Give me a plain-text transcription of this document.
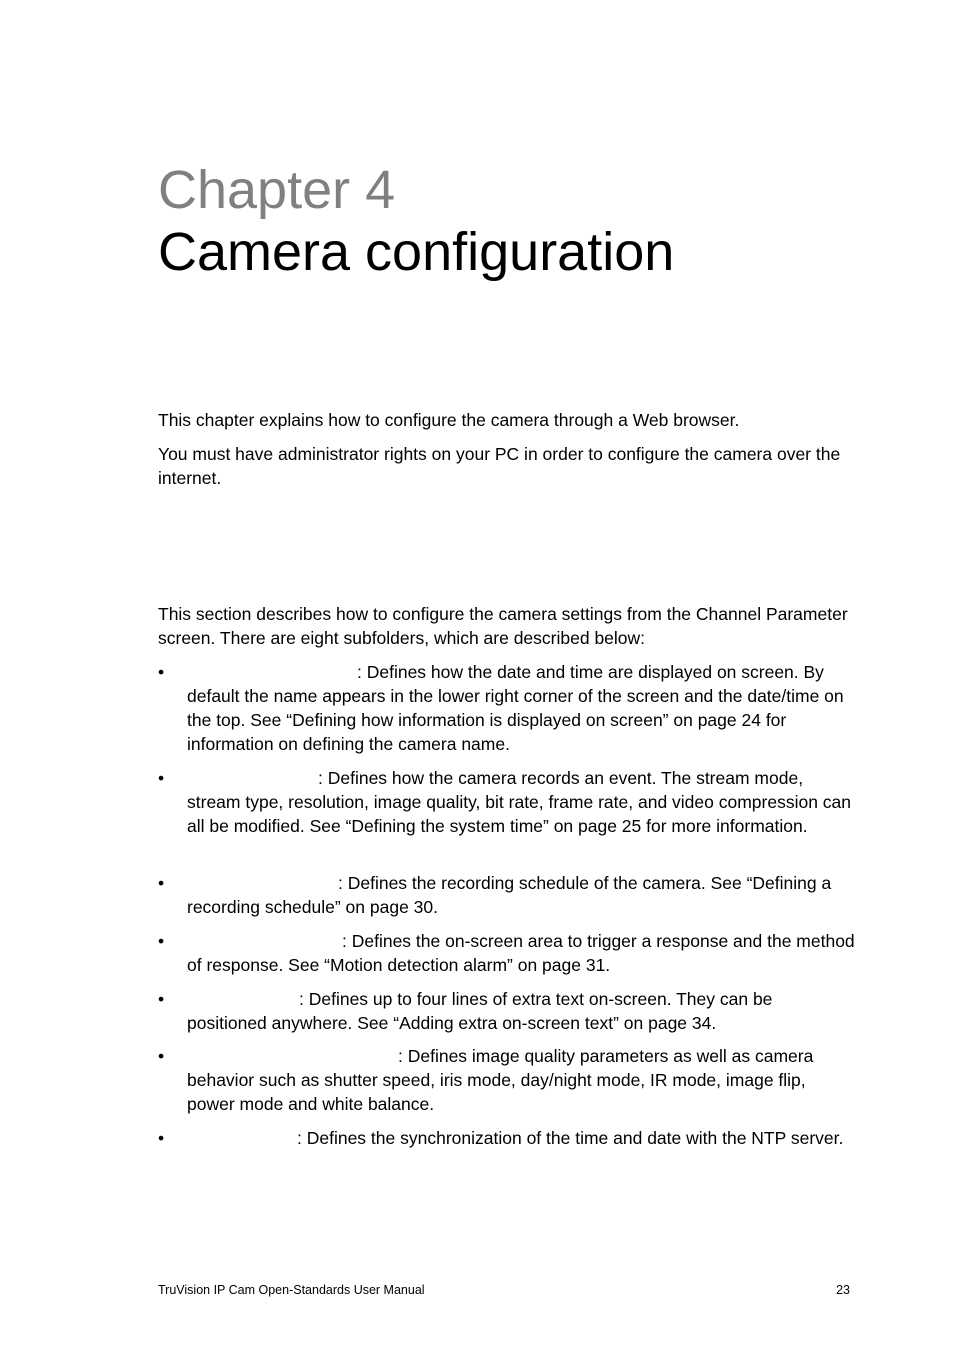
Chapter 4
Camera configuration

This chapter explains how to configure the camera through a Web browser.

You must have administrator rights on your PC in order to configure the camera over the internet.

This section describes how to configure the camera settings from the Channel Parameter screen. There are eight subfolders, which are described below:

•	: Defines how the date and time are displayed on screen. By default the name appears in the lower right corner of the screen and the date/time on the top. See “Defining how information is displayed on screen” on page 24 for information on defining the camera name.
•	: Defines how the camera records an event. The stream mode, stream type, resolution, image quality, bit rate, frame rate, and video compression can all be modified. See “Defining the system time” on page 25 for more information.
•	: Defines the recording schedule of the camera. See “Defining a recording schedule” on page 30.
•	: Defines the on-screen area to trigger a response and the method of response. See “Motion detection alarm” on page 31.
•	: Defines up to four lines of extra text on-screen. They can be positioned anywhere. See “Adding extra on-screen text” on page 34.
•	: Defines image quality parameters as well as camera behavior such as shutter speed, iris mode, day/night mode, IR mode, image flip, power mode and white balance.
•	: Defines the synchronization of the time and date with the NTP server.
TruVision IP Cam Open-Standards User Manual	23
